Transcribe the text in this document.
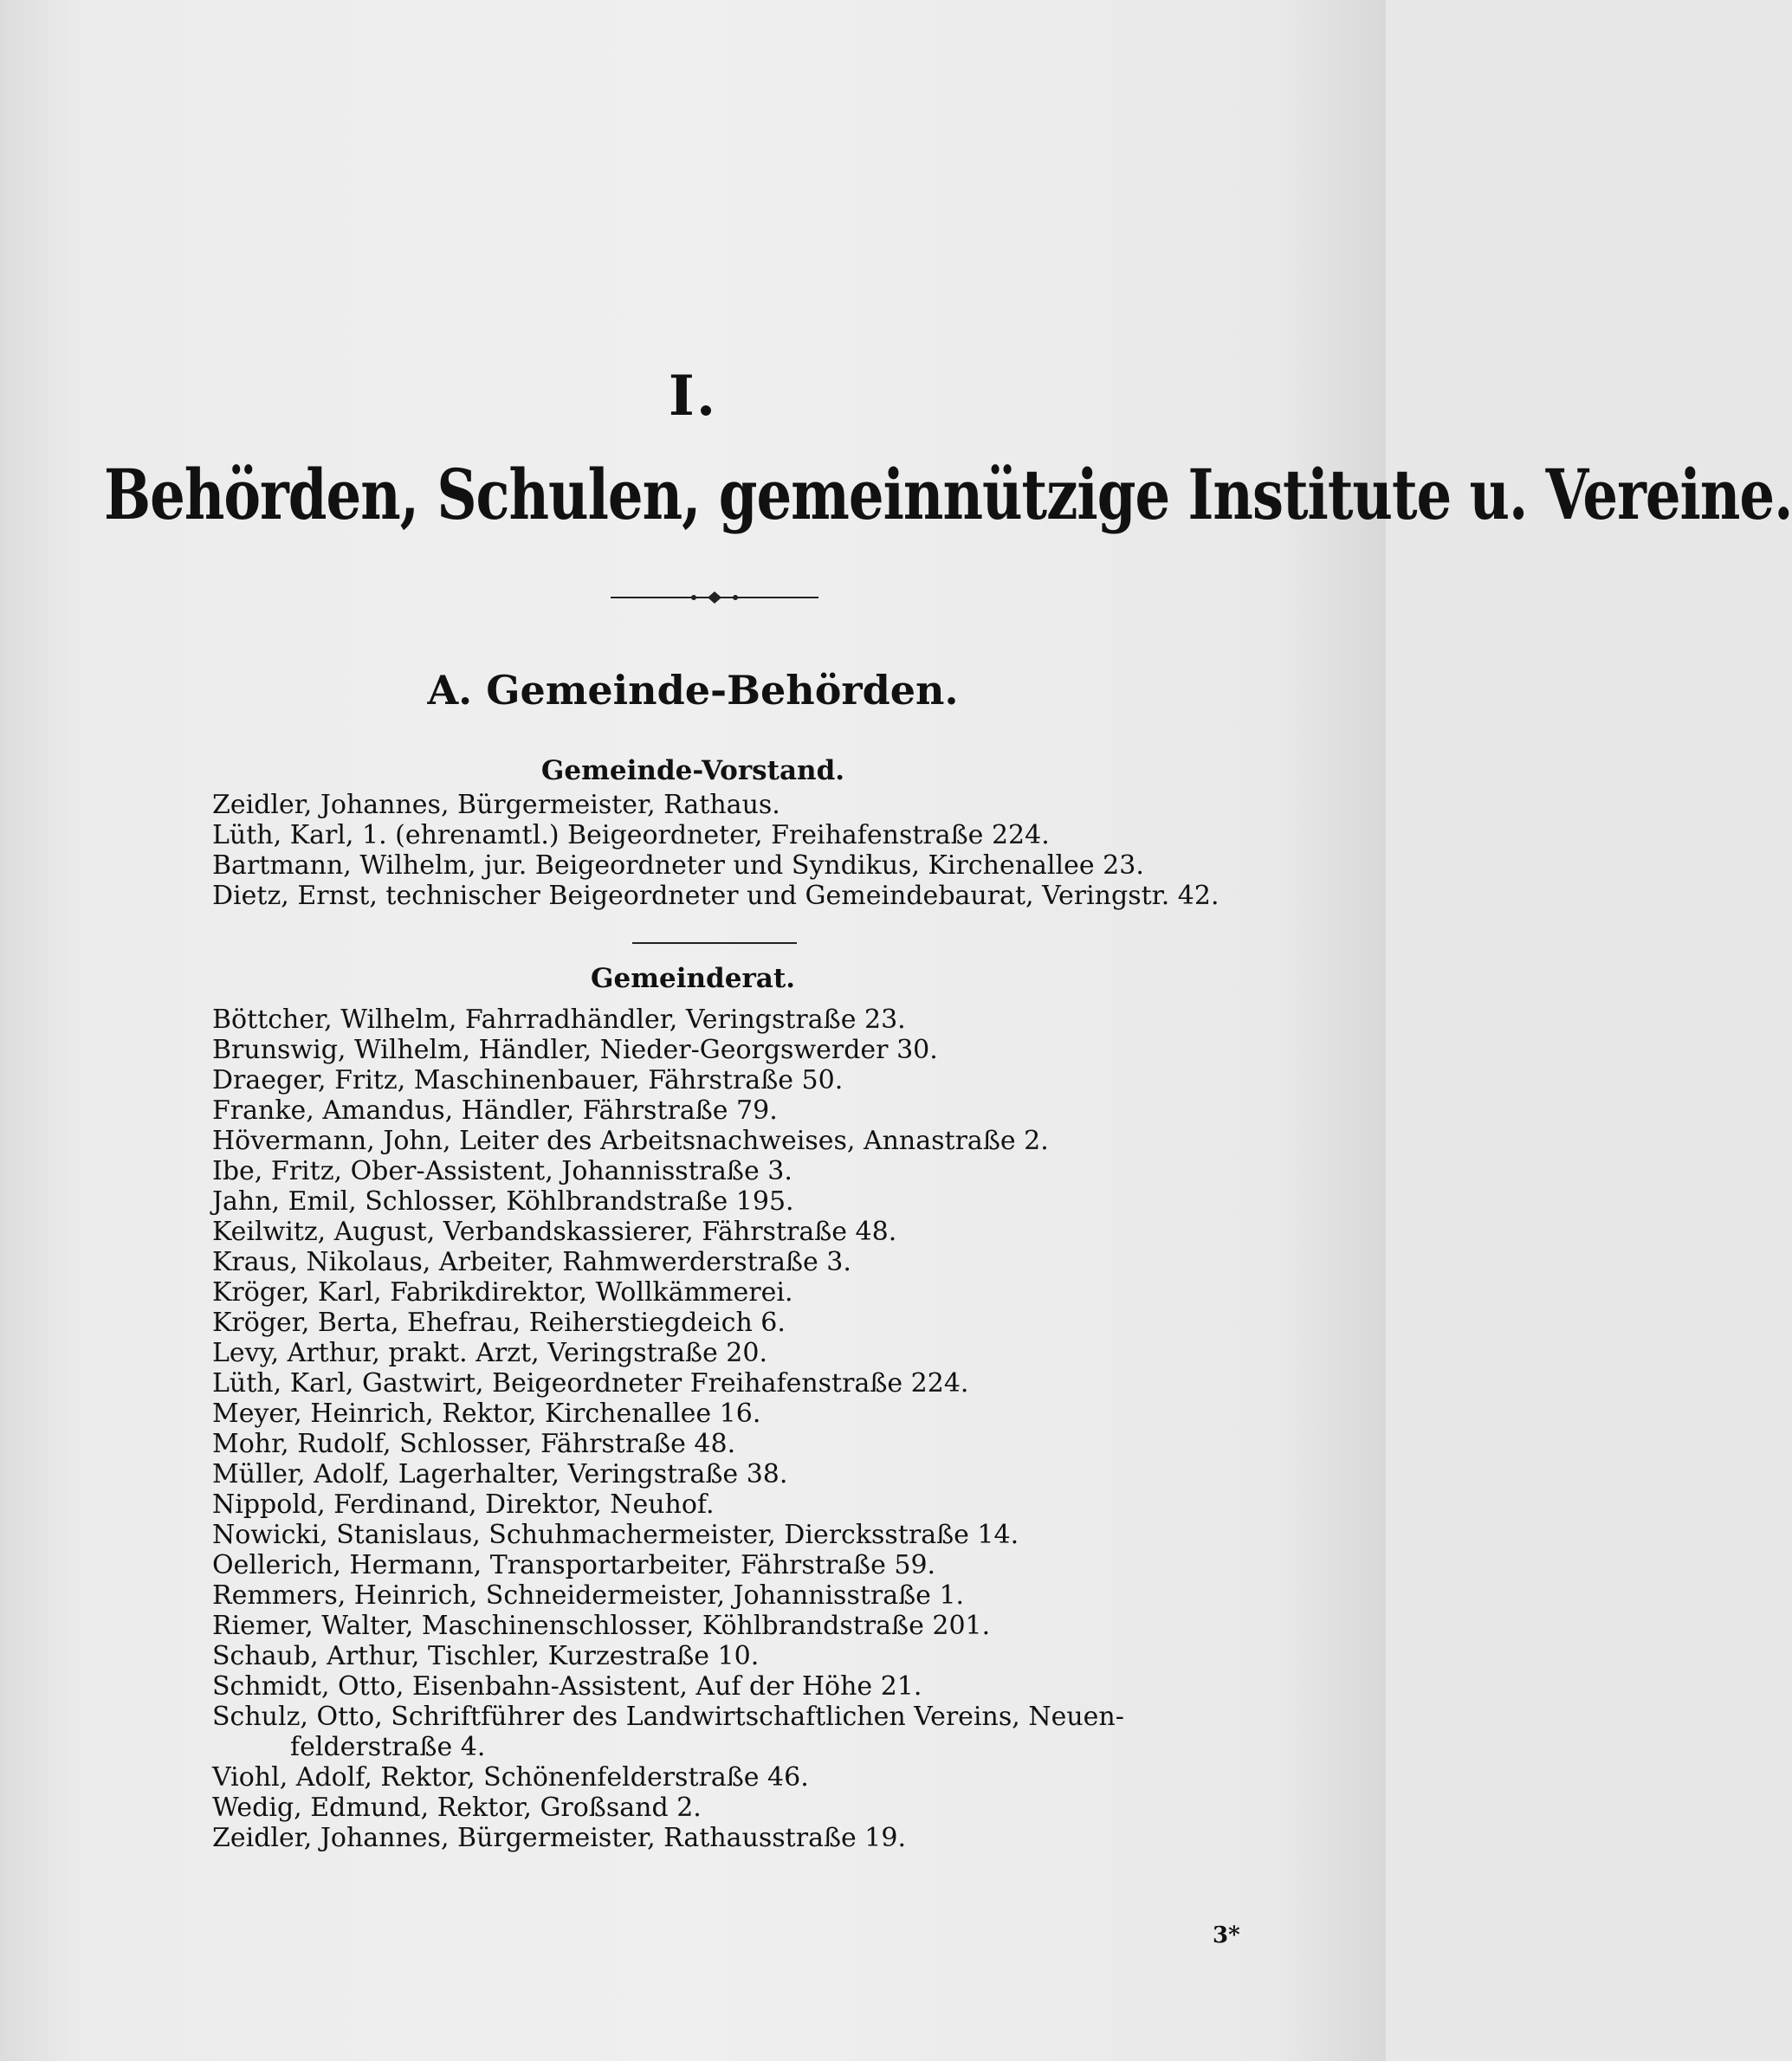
I.
Behörden, Schulen, gemeinnützige Institute u. Vereine.
A. Gemeinde-Behörden.
Gemeinde-Vorstand.
Zeidler, Johannes, Bürgermeister, Rathaus.
Lüth, Karl, 1. (ehrenamtl.) Beigeordneter, Freihafenstraße 224.
Bartmann, Wilhelm, jur. Beigeordneter und Syndikus, Kirchenallee 23.
Dietz, Ernst, technischer Beigeordneter und Gemeindebaurat, Veringstr. 42.
Gemeinderat.
Böttcher, Wilhelm, Fahrradhändler, Veringstraße 23.
Brunswig, Wilhelm, Händler, Nieder-Georgswerder 30.
Draeger, Fritz, Maschinenbauer, Fährstraße 50.
Franke, Amandus, Händler, Fährstraße 79.
Hövermann, John, Leiter des Arbeitsnachweises, Annastraße 2.
Ibe, Fritz, Ober-Assistent, Johannisstraße 3.
Jahn, Emil, Schlosser, Köhlbrandstraße 195.
Keilwitz, August, Verbandskassierer, Fährstraße 48.
Kraus, Nikolaus, Arbeiter, Rahmwerderstraße 3.
Kröger, Karl, Fabrikdirektor, Wollkämmerei.
Kröger, Berta, Ehefrau, Reiherstiegdeich 6.
Levy, Arthur, prakt. Arzt, Veringstraße 20.
Lüth, Karl, Gastwirt, Beigeordneter Freihafenstraße 224.
Meyer, Heinrich, Rektor, Kirchenallee 16.
Mohr, Rudolf, Schlosser, Fährstraße 48.
Müller, Adolf, Lagerhalter, Veringstraße 38.
Nippold, Ferdinand, Direktor, Neuhof.
Nowicki, Stanislaus, Schuhmachermeister, Diercksstraße 14.
Oellerich, Hermann, Transportarbeiter, Fährstraße 59.
Remmers, Heinrich, Schneidermeister, Johannisstraße 1.
Riemer, Walter, Maschinenschlosser, Köhlbrandstraße 201.
Schaub, Arthur, Tischler, Kurzestraße 10.
Schmidt, Otto, Eisenbahn-Assistent, Auf der Höhe 21.
Schulz, Otto, Schriftführer des Landwirtschaftlichen Vereins, Neuen-
felderstraße 4.
Viohl, Adolf, Rektor, Schönenfelderstraße 46.
Wedig, Edmund, Rektor, Großsand 2.
Zeidler, Johannes, Bürgermeister, Rathausstraße 19.
3*
